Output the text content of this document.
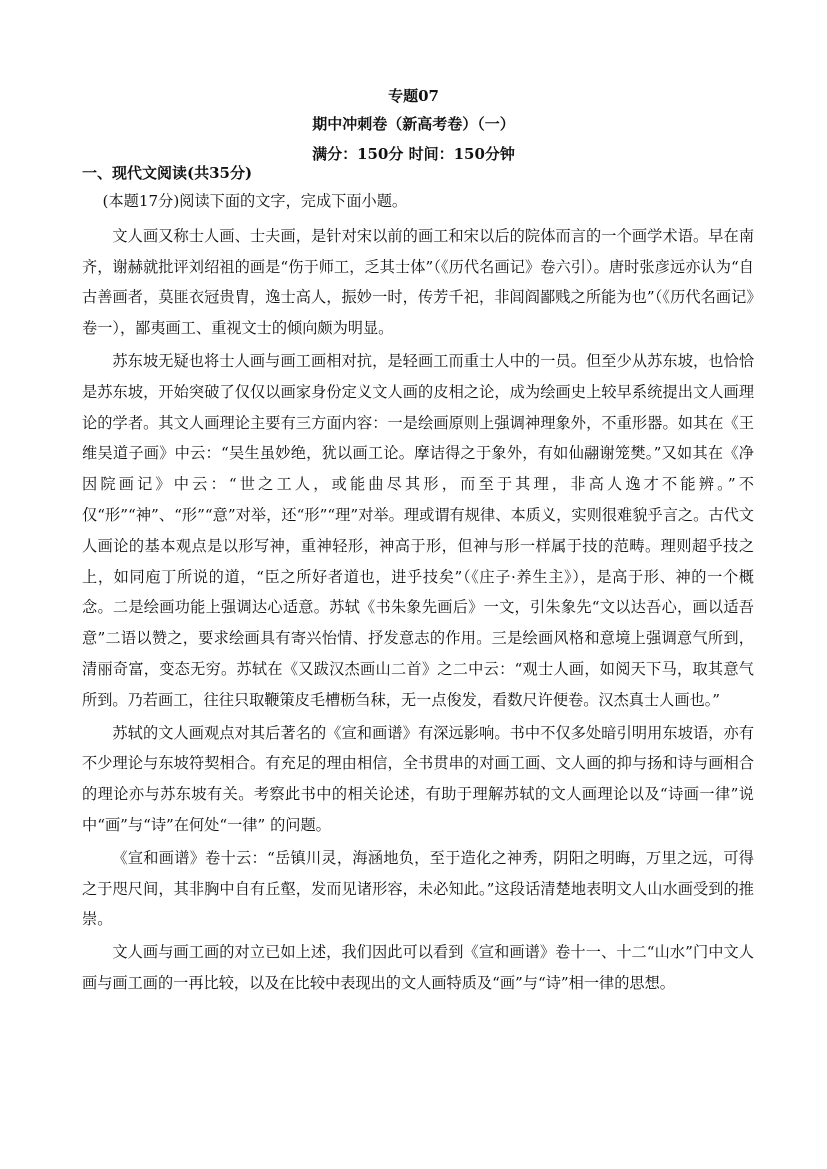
专题07
期中冲刺卷（新高考卷）（一）
满分：150分 时间：150分钟
一、现代文阅读(共35分)

(本题17分)阅读下面的文字，完成下面小题。

文人画又称士人画、士夫画，是针对宋以前的画工和宋以后的院体而言的一个画学术语。早在南齐，谢赫就批评刘绍祖的画是“伤于师工，乏其士体”（《历代名画记》卷六引）。唐时张彦远亦认为“自古善画者，莫匪衣冠贵胄，逸士高人，振妙一时，传芳千祀，非闾阎鄙贱之所能为也”（《历代名画记》卷一），鄙夷画工、重视文士的倾向颇为明显。

苏东坡无疑也将士人画与画工画相对抗，是轻画工而重士人中的一员。但至少从苏东坡，也恰恰是苏东坡，开始突破了仅仅以画家身份定义文人画的皮相之论，成为绘画史上较早系统提出文人画理论的学者。其文人画理论主要有三方面内容：一是绘画原则上强调神理象外，不重形器。如其在《王维吴道子画》中云：“吴生虽妙绝，犹以画工论。摩诘得之于象外，有如仙翮谢笼樊。”又如其在《净因院画记》中云：“世之工人，或能曲尽其形，而至于其理，非高人逸才不能辨。”不仅“形”“神”、“形”“意”对举，还“形”“理”对举。理或谓有规律、本质义，实则很难貌乎言之。古代文人画论的基本观点是以形写神，重神轻形，神高于形，但神与形一样属于技的范畴。理则超乎技之上，如同庖丁所说的道，“臣之所好者道也，进乎技矣”（《庄子·养生主》），是高于形、神的一个概念。二是绘画功能上强调达心适意。苏轼《书朱象先画后》一文，引朱象先“文以达吾心，画以适吾意”二语以赞之，要求绘画具有寄兴怡情、抒发意志的作用。三是绘画风格和意境上强调意气所到，清丽奇富，变态无穷。苏轼在《又跋汉杰画山二首》之二中云：“观士人画，如阅天下马，取其意气所到。乃若画工，往往只取鞭策皮毛槽枥刍秣，无一点俊发，看数尺许便卷。汉杰真士人画也。”

苏轼的文人画观点对其后著名的《宣和画谱》有深远影响。书中不仅多处暗引明用东坡语，亦有不少理论与东坡符契相合。有充足的理由相信，全书贯串的对画工画、文人画的抑与扬和诗与画相合的理论亦与苏东坡有关。考察此书中的相关论述，有助于理解苏轼的文人画理论以及“诗画一律”说中“画”与“诗”在何处“一律” 的问题。

《宣和画谱》卷十云：“岳镇川灵，海涵地负，至于造化之神秀，阴阳之明晦，万里之远，可得之于咫尺间，其非胸中自有丘壑，发而见诸形容，未必知此。”这段话清楚地表明文人山水画受到的推崇。

文人画与画工画的对立已如上述，我们因此可以看到《宣和画谱》卷十一、十二“山水”门中文人画与画工画的一再比较，以及在比较中表现出的文人画特质及“画”与“诗”相一律的思想。
